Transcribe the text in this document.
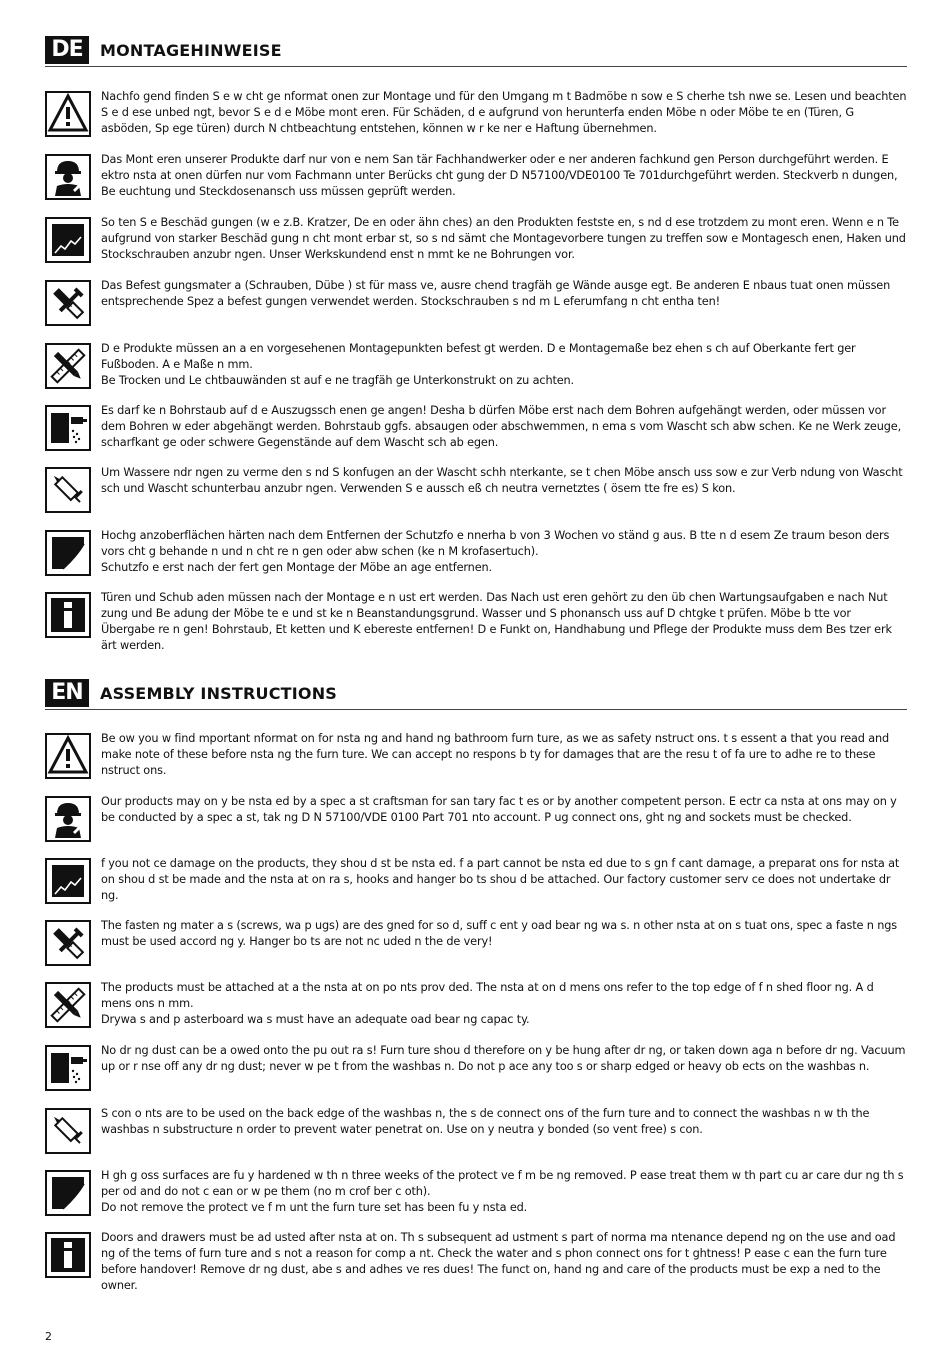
DE	MONTAGEHINWEISE

Nachfo gend finden S e w cht ge nformat onen zur Montage und für den Umgang m t Badmöbe n sow e S cherhe tsh nwe se. Lesen und beachten S e d ese unbed ngt, bevor S e d e Möbe mont eren. Für Schäden, d e aufgrund von herunterfa enden Möbe n oder Möbe te en (Türen, G asböden, Sp ege türen) durch N chtbeachtung entstehen, können w r ke ner e Haftung übernehmen.

Das Mont eren unserer Produkte darf nur von e nem San tär Fachhandwerker oder e ner anderen fachkund gen Person durchgeführt werden. E ektro nsta at onen dürfen nur vom Fachmann unter Berücks cht gung der D N57100/VDE0100 Te 701durchgeführt werden. Steckverb n dungen, Be euchtung und Steckdosenansch uss müssen geprüft werden.

So ten S e Beschäd gungen (w e z.B. Kratzer, De en oder ähn ches) an den Produkten festste en, s nd d ese trotzdem zu mont eren. Wenn e n Te aufgrund von starker Beschäd gung n cht mont erbar st, so s nd sämt che Montagevorbere tungen zu treffen sow e Montagesch enen, Haken und Stockschrauben anzubr ngen. Unser Werkskundend enst n mmt ke ne Bohrungen vor.

Das Befest gungsmater a (Schrauben, Dübe ) st für mass ve, ausre chend tragfäh ge Wände ausge egt. Be anderen E nbaus tuat onen müssen entsprechende Spez a befest gungen verwendet werden. Stockschrauben s nd m L eferumfang n cht entha ten!

D e Produkte müssen an a en vorgesehenen Montagepunkten befest gt werden. D e Montagemaße bez ehen s ch auf Oberkante fert ger Fußboden. A e Maße n mm.

Be Trocken und Le chtbauwänden st auf e ne tragfäh ge Unterkonstrukt on zu achten.

Es darf ke n Bohrstaub auf d e Auszugssch enen ge angen! Desha b dürfen Möbe erst nach dem Bohren aufgehängt werden, oder müssen vor dem Bohren w eder abgehängt werden. Bohrstaub ggfs. absaugen oder abschwemmen, n ema s vom Wascht sch abw schen. Ke ne Werk zeuge, scharfkant ge oder schwere Gegenstände auf dem Wascht sch ab egen.

Um Wassere ndr ngen zu verme den s nd S konfugen an der Wascht schh nterkante, se t chen Möbe ansch uss sow e zur Verb ndung von Wascht sch und Wascht schunterbau anzubr ngen. Verwenden S e aussch eß ch neutra vernetztes ( ösem tte fre es) S kon.

Hochg anzoberflächen härten nach dem Entfernen der Schutzfo e nnerha b von 3 Wochen vo ständ g aus. B tte n d esem Ze traum beson ders vors cht g behande n und n cht re n gen oder abw schen (ke n M krofasertuch).

Schutzfo e erst nach der fert gen Montage der Möbe an age entfernen.

Türen und Schub aden müssen nach der Montage e n ust ert werden. Das Nach ust eren gehört zu den üb chen Wartungsaufgaben e nach Nut zung und Be adung der Möbe te e und st ke n Beanstandungsgrund. Wasser und S phonansch uss auf D chtgke t prüfen. Möbe b tte vor Übergabe re n gen! Bohrstaub, Et ketten und K ebereste entfernen! D e Funkt on, Handhabung und Pflege der Produkte muss dem Bes tzer erk ärt werden.

EN	ASSEMBLY INSTRUCTIONS

Be ow you w find mportant nformat on for nsta ng and hand ng bathroom furn ture, as we as safety nstruct ons. t s essent a that you read and make note of these before nsta ng the furn ture. We can accept no respons b ty for damages that are the resu t of fa ure to adhe re to these nstruct ons.

Our products may on y be nsta ed by a spec a st craftsman for san tary fac t es or by another competent person. E ectr ca nsta at ons may on y be conducted by a spec a st, tak ng D N 57100/VDE 0100 Part 701 nto account. P ug connect ons, ght ng and sockets must be checked.

f you not ce damage on the products, they shou d st be nsta ed. f a part cannot be nsta ed due to s gn f cant damage, a preparat ons for nsta at on shou d st be made and the nsta at on ra s, hooks and hanger bo ts shou d be attached. Our factory customer serv ce does not undertake dr ng.

The fasten ng mater a s (screws, wa p ugs) are des gned for so d, suff c ent y oad bear ng wa s. n other nsta at on s tuat ons, spec a faste n ngs must be used accord ng y. Hanger bo ts are not nc uded n the de very!

The products must be attached at a the nsta at on po nts prov ded. The nsta at on d mens ons refer to the top edge of f n shed floor ng. A d mens ons n mm.

Drywa s and p asterboard wa s must have an adequate oad bear ng capac ty.

No dr ng dust can be a owed onto the pu out ra s! Furn ture shou d therefore on y be hung after dr ng, or taken down aga n before dr ng. Vacuum up or r nse off any dr ng dust; never w pe t from the washbas n. Do not p ace any too s or sharp edged or heavy ob ects on the washbas n.

S con o nts are to be used on the back edge of the washbas n, the s de connect ons of the furn ture and to connect the washbas n w th the washbas n substructure n order to prevent water penetrat on. Use on y neutra y bonded (so vent free) s con.

H gh g oss surfaces are fu y hardened w th n three weeks of the protect ve f m be ng removed. P ease treat them w th part cu ar care dur ng th s per od and do not c ean or w pe them (no m crof ber c oth).

Do not remove the protect ve f m unt the furn ture set has been fu y nsta ed.

Doors and drawers must be ad usted after nsta at on. Th s subsequent ad ustment s part of norma ma ntenance depend ng on the use and oad ng of the tems of furn ture and s not a reason for comp a nt. Check the water and s phon connect ons for t ghtness! P ease c ean the furn ture before handover! Remove dr ng dust, abe s and adhes ve res dues! The funct on, hand ng and care of the products must be exp a ned to the owner.

2
